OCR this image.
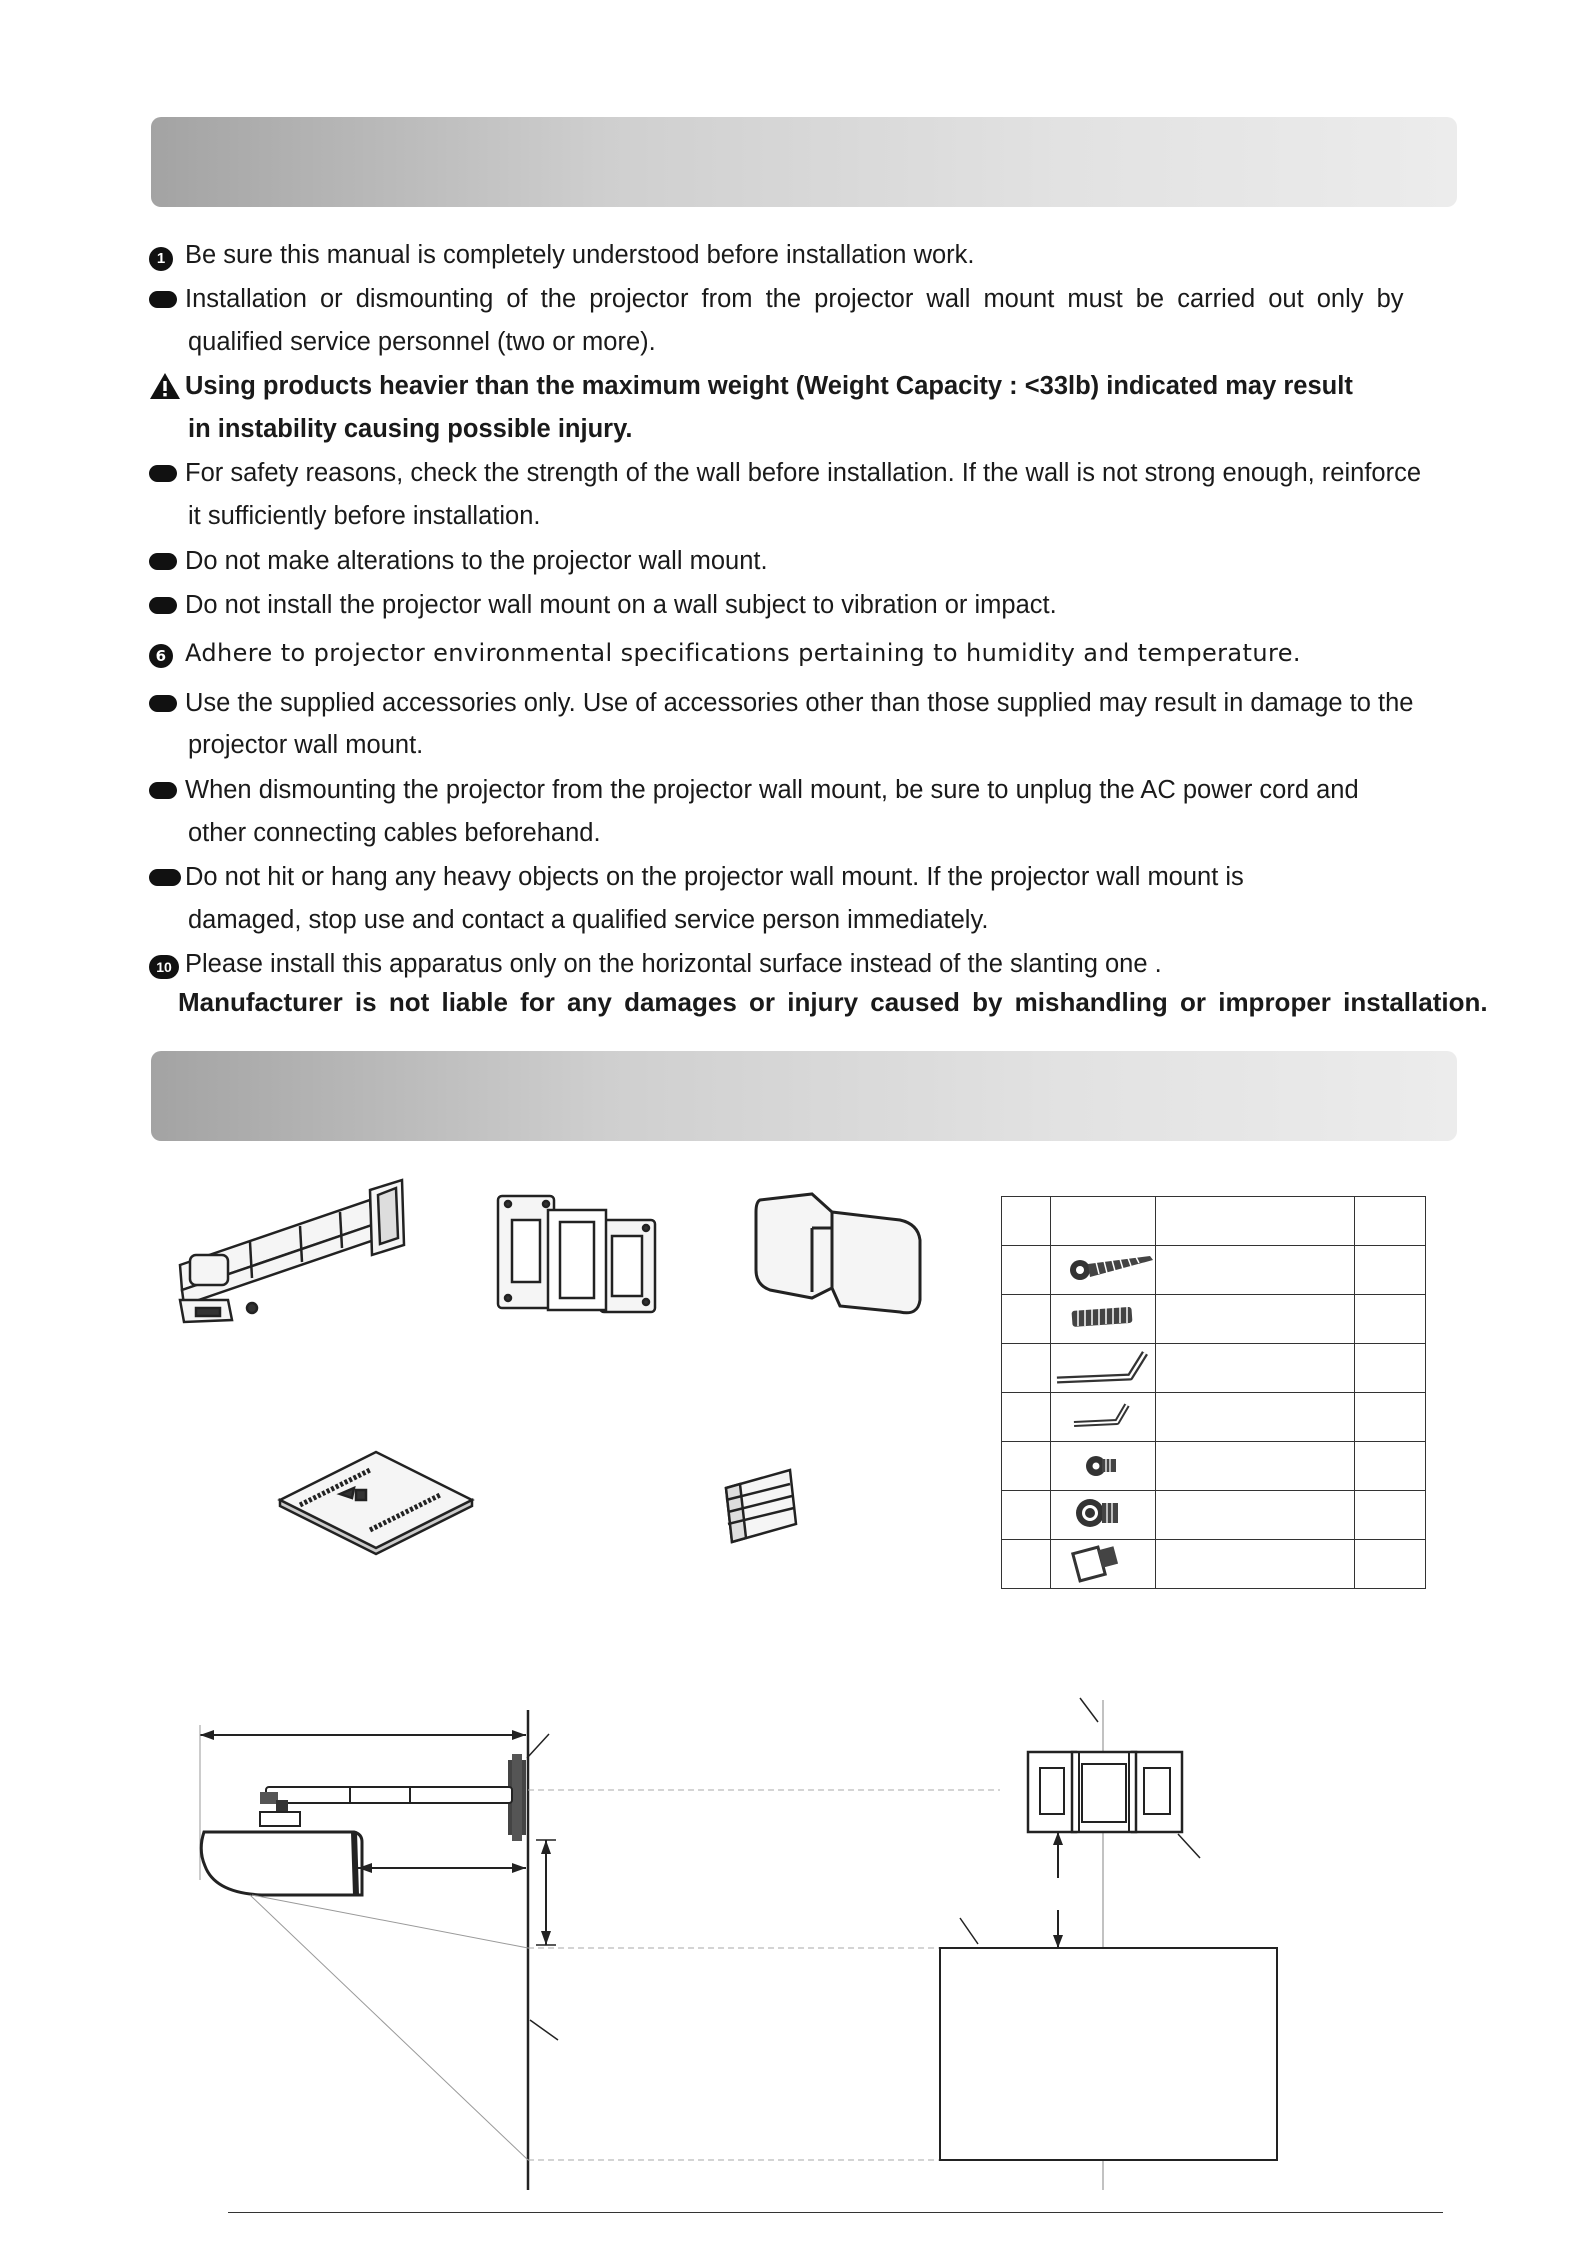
1 Be sure this manual is completely understood before installation work.
Installation or dismounting of the projector from the projector wall mount must be carried out only by
qualified service personnel (two or more).
Using products heavier than the maximum weight (Weight Capacity : <33lb) indicated may result
in instability causing possible injury.
For safety reasons, check the strength of the wall before installation. If the wall is not strong enough, reinforce
it sufficiently before installation.
Do not make alterations to the projector wall mount.
Do not install the projector wall mount on a wall subject to vibration or impact.
6 Adhere to projector environmental specifications pertaining to humidity and temperature.
Use the supplied accessories only. Use of accessories other than those supplied may result in damage to the
projector wall mount.
When dismounting the projector from the projector wall mount, be sure to unplug the AC power cord and
other connecting cables beforehand.
Do not hit or hang any heavy objects on the projector wall mount. If the projector wall mount is
damaged, stop use and contact a qualified service person immediately.
10 Please install this apparatus only on the horizontal surface instead of the slanting one .
Manufacturer is not liable for any damages or injury caused by mishandling or improper installation.
